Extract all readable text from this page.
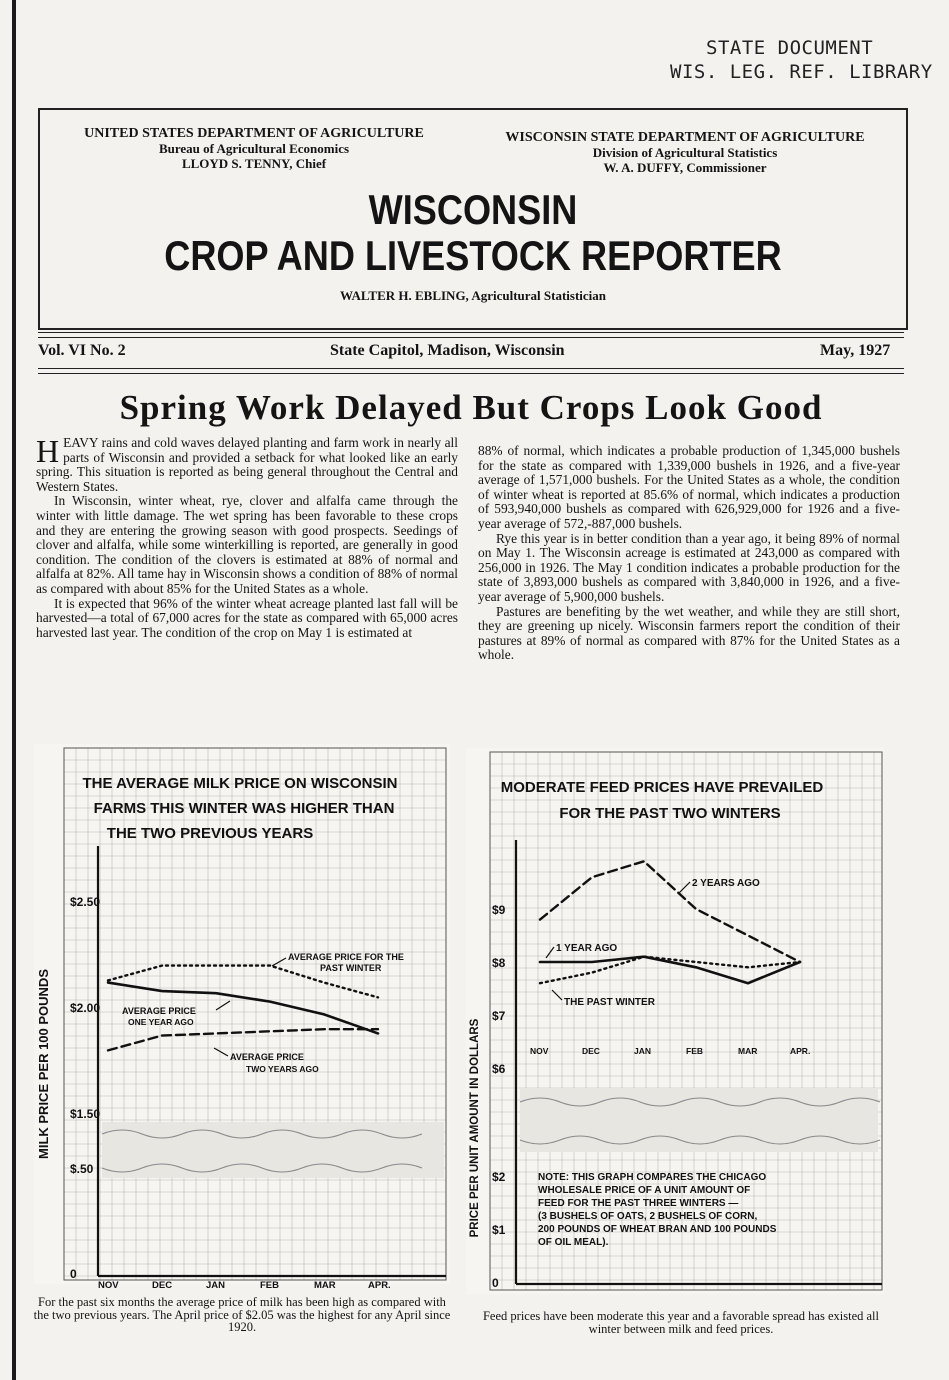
STATE DOCUMENT
WIS. LEG. REF. LIBRARY
UNITED STATES DEPARTMENT OF AGRICULTURE
Bureau of Agricultural Economics
LLOYD S. TENNY, Chief
WISCONSIN STATE DEPARTMENT OF AGRICULTURE
Division of Agricultural Statistics
W. A. DUFFY, Commissioner
WISCONSIN
CROP AND LIVESTOCK REPORTER
WALTER H. EBLING, Agricultural Statistician
Vol. VI No. 2	State Capitol, Madison, Wisconsin	May, 1927
Spring Work Delayed But Crops Look Good

HEAVY rains and cold waves delayed planting and farm work in nearly all parts of Wisconsin and provided a setback for what looked like an early spring. This situation is reported as being general throughout the Central and Western States.

In Wisconsin, winter wheat, rye, clover and alfalfa came through the winter with little damage. The wet spring has been favorable to these crops and they are entering the growing season with good prospects. Seedings of clover and alfalfa, while some winterkilling is reported, are generally in good condition. The condition of the clovers is estimated at 88% of normal and alfalfa at 82%. All tame hay in Wisconsin shows a condition of 88% of normal as compared with about 85% for the United States as a whole.

It is expected that 96% of the winter wheat acreage planted last fall will be harvested—a total of 67,000 acres for the state as compared with 65,000 acres harvested last year. The condition of the crop on May 1 is estimated at

88% of normal, which indicates a probable production of 1,345,000 bushels for the state as compared with 1,339,000 bushels in 1926, and a five-year average of 1,571,000 bushels. For the United States as a whole, the condition of winter wheat is reported at 85.6% of normal, which indicates a production of 593,940,000 bushels as compared with 626,929,000 for 1926 and a five-year average of 572,-887,000 bushels.

Rye this year is in better condition than a year ago, it being 89% of normal on May 1. The Wisconsin acreage is estimated at 243,000 as compared with 256,000 in 1926. The May 1 condition indicates a probable production for the state of 3,893,000 bushels as compared with 3,840,000 in 1926, and a five-year average of 5,900,000 bushels.

Pastures are benefiting by the wet weather, and while they are still short, they are greening up nicely. Wisconsin farmers report the condition of their pastures at 89% of normal as compared with 87% for the United States as a whole.

THE AVERAGE MILK PRICE ON WISCONSIN
FARMS THIS WINTER WAS HIGHER THAN
THE TWO PREVIOUS YEARS
$2.50
$2.00
$1.50
$.50
0
NOV	DEC	JAN	FEB	MAR	APR.
MILK PRICE PER 100 POUNDS
AVERAGE PRICE FOR THE
PAST WINTER
AVERAGE PRICE
ONE YEAR AGO
AVERAGE PRICE
TWO YEARS AGO
For the past six months the average price of milk has been high as compared with the two previous years. The April price of $2.05 was the highest for any April since 1920.
MODERATE FEED PRICES HAVE PREVAILED
FOR THE PAST TWO WINTERS
$9
$8
$7
$6
$2
$1
0
NOV	DEC	JAN	FEB	MAR	APR.
PRICE PER UNIT AMOUNT IN DOLLARS
2 YEARS AGO
1 YEAR AGO
THE PAST WINTER
NOTE: THIS GRAPH COMPARES THE CHICAGO
WHOLESALE PRICE OF A UNIT AMOUNT OF
FEED FOR THE PAST THREE WINTERS —
(3 BUSHELS OF OATS, 2 BUSHELS OF CORN,
200 POUNDS OF WHEAT BRAN AND 100 POUNDS
OF OIL MEAL).
Feed prices have been moderate this year and a favorable spread has existed all winter between milk and feed prices.
